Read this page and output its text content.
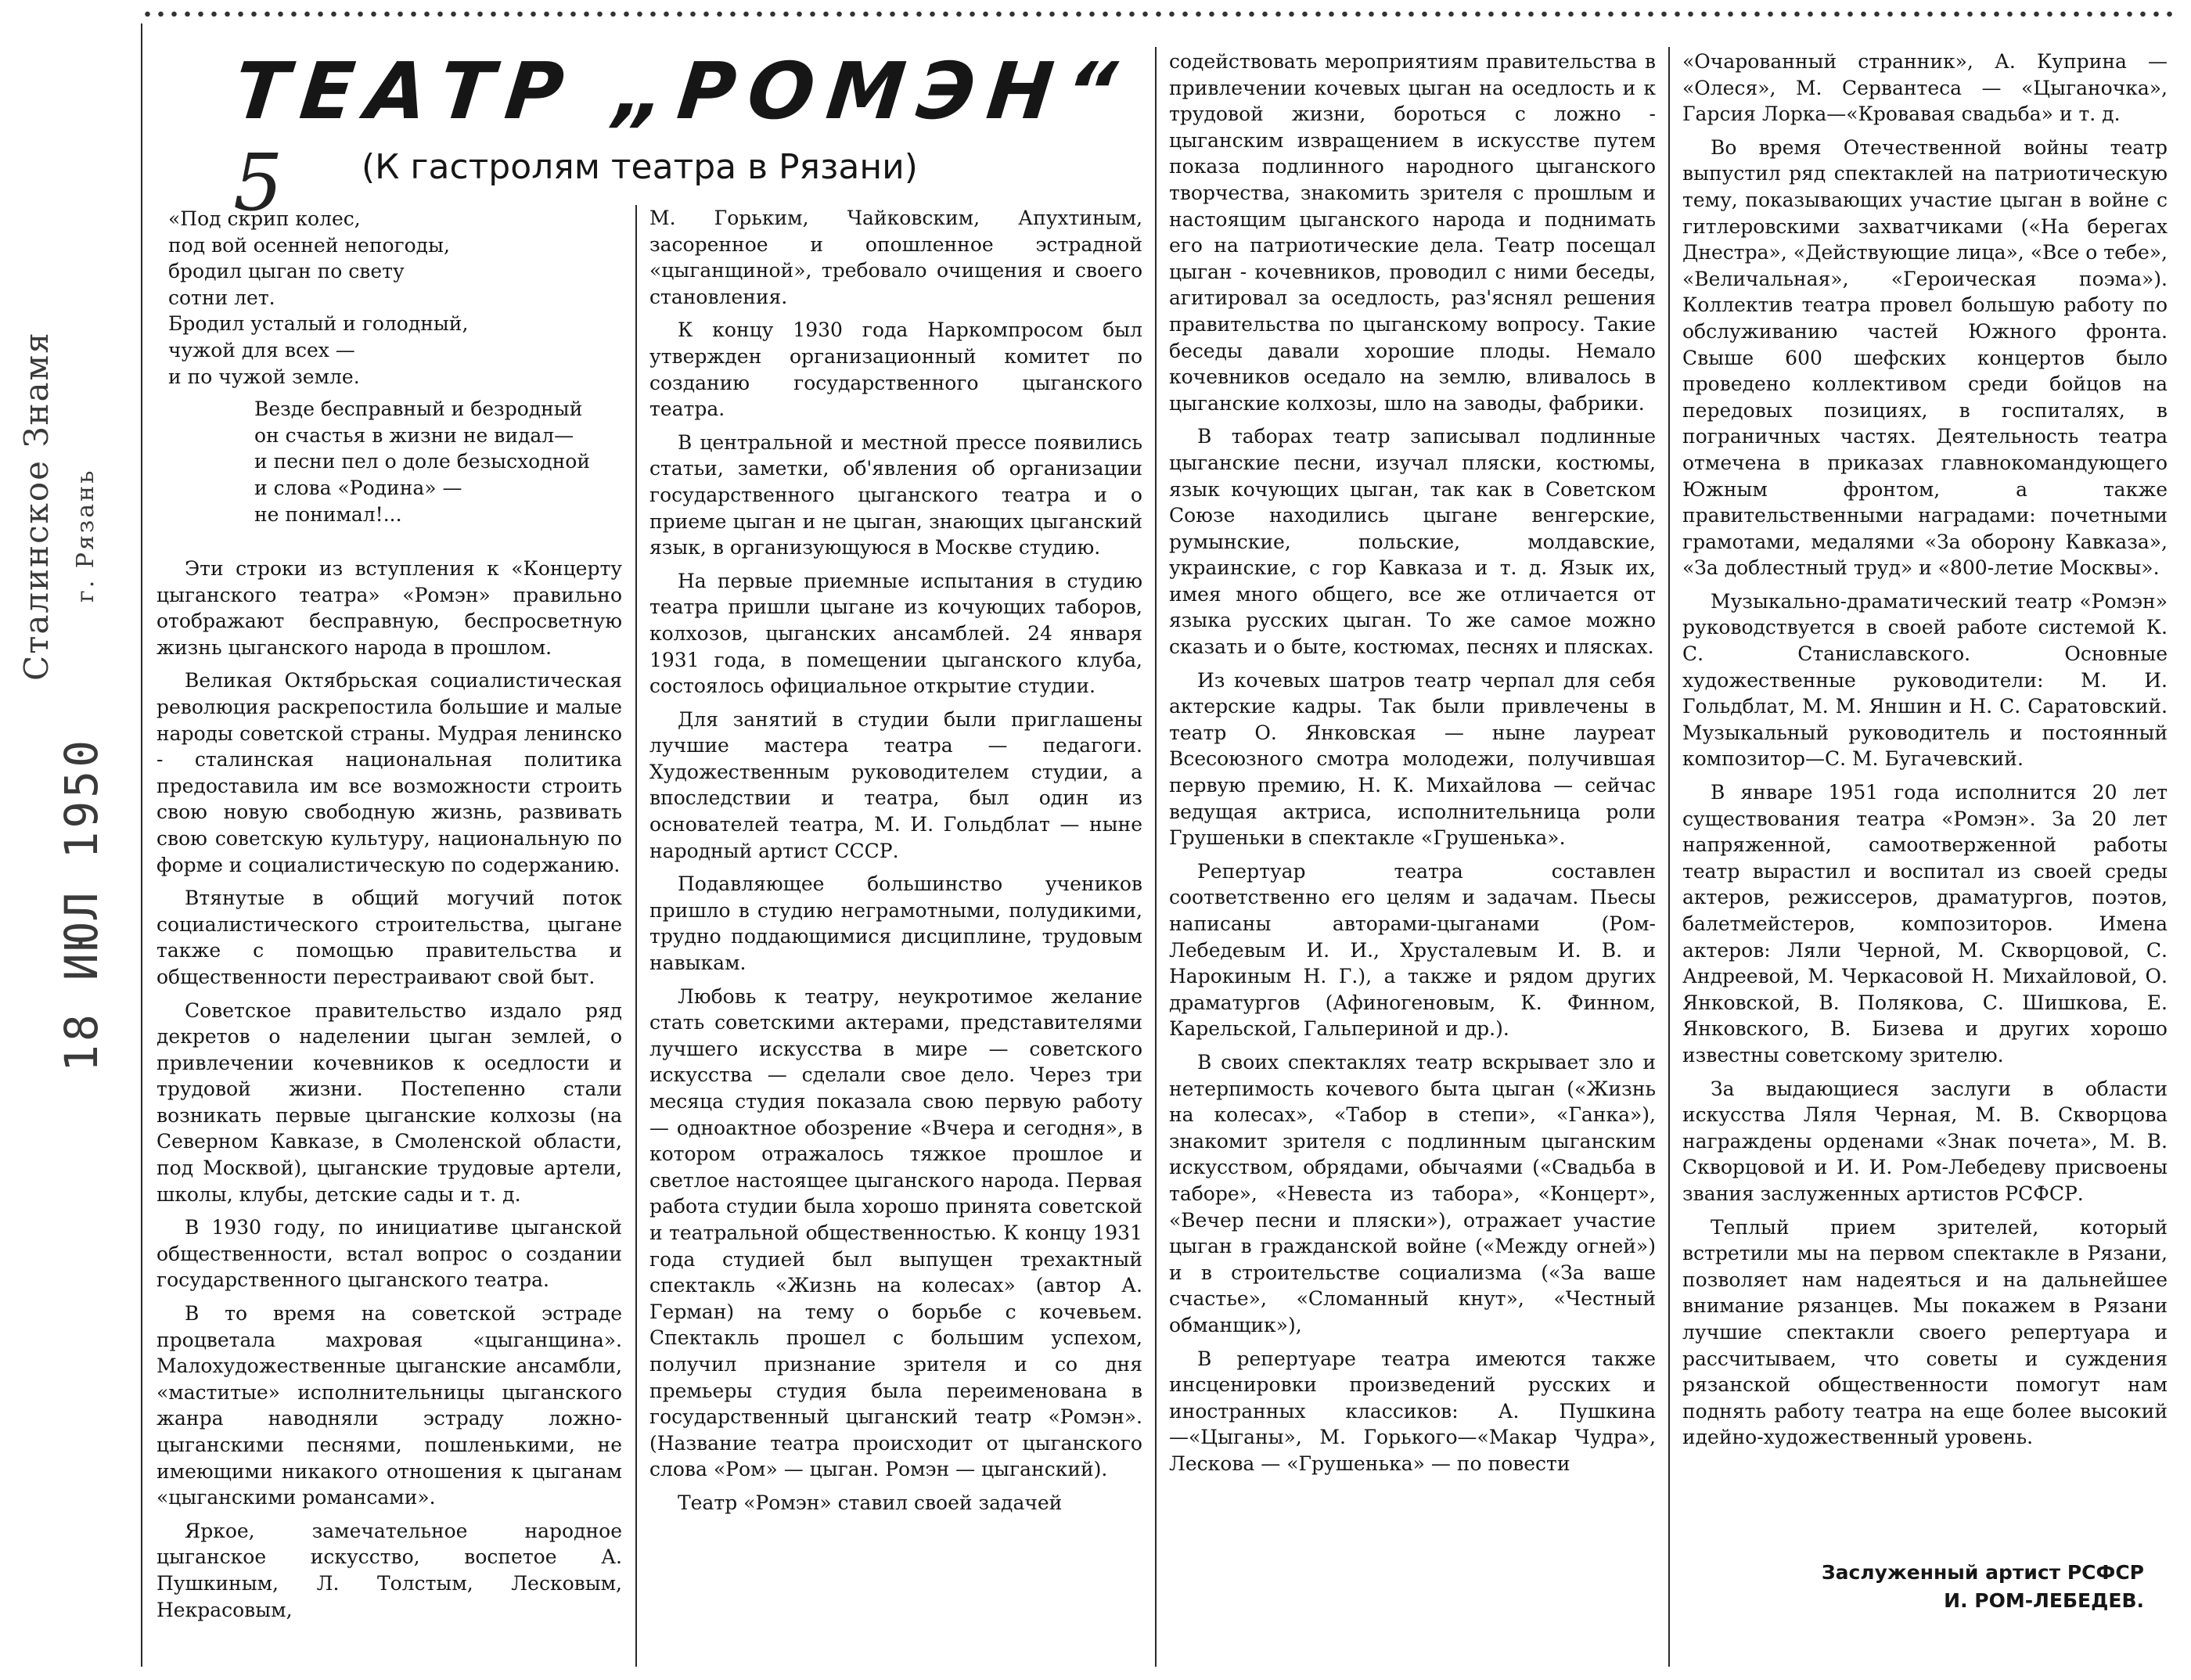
Сталинское Знамя г. Рязань
18 ИЮЛ 1950
ТЕАТР „РОМЭН“
5 (К гастролям театра в Рязани)

«Под скрип колес,
под вой осенней непогоды,
бродил цыган по свету
сотни лет.
Бродил усталый и голодный,
чужой для всех —
и по чужой земле.

Везде бесправный и безродный
он счастья в жизни не видал—
и песни пел о доле безысходной
и слова «Родина» —
не понимал!...

Эти строки из вступления к «Концерту цыганского театра» «Ромэн» правильно отображают бесправную, беспросветную жизнь цыганского народа в прошлом.

Великая Октябрьская социалистическая революция раскрепостила большие и малые народы советской страны. Мудрая ленинско - сталинская национальная политика предоставила им все возможности строить свою новую свободную жизнь, развивать свою советскую культуру, национальную по форме и социалистическую по содержанию.

Втянутые в общий могучий поток социалистического строительства, цыгане также с помощью правительства и общественности перестраивают свой быт.

Советское правительство издало ряд декретов о наделении цыган землей, о привлечении кочевников к оседлости и трудовой жизни. Постепенно стали возникать первые цыганские колхозы (на Северном Кавказе, в Смоленской области, под Москвой), цыганские трудовые артели, школы, клубы, детские сады и т. д.

В 1930 году, по инициативе цыганской общественности, встал вопрос о создании государственного цыганского театра.

В то время на советской эстраде процветала махровая «цыганщина». Малохудожественные цыганские ансамбли, «маститые» исполнительницы цыганского жанра наводняли эстраду ложно-цыганскими песнями, пошленькими, не имеющими никакого отношения к цыганам «цыганскими романсами».

Яркое, замечательное народное цыганское искусство, воспетое А. Пушкиным, Л. Толстым, Лесковым, Некрасовым,

М. Горьким, Чайковским, Апухтиным, засоренное и опошленное эстрадной «цыганщиной», требовало очищения и своего становления.

К концу 1930 года Наркомпросом был утвержден организационный комитет по созданию государственного цыганского театра.

В центральной и местной прессе появились статьи, заметки, об'явления об организации государственного цыганского театра и о приеме цыган и не цыган, знающих цыганский язык, в организующуюся в Москве студию.

На первые приемные испытания в студию театра пришли цыгане из кочующих таборов, колхозов, цыганских ансамблей. 24 января 1931 года, в помещении цыганского клуба, состоялось официальное открытие студии.

Для занятий в студии были приглашены лучшие мастера театра — педагоги. Художественным руководителем студии, а впоследствии и театра, был один из основателей театра, М. И. Гольдблат — ныне народный артист СССР.

Подавляющее большинство учеников пришло в студию неграмотными, полудикими, трудно поддающимися дисциплине, трудовым навыкам.

Любовь к театру, неукротимое желание стать советскими актерами, представителями лучшего искусства в мире — советского искусства — сделали свое дело. Через три месяца студия показала свою первую работу — одноактное обозрение «Вчера и сегодня», в котором отражалось тяжкое прошлое и светлое настоящее цыганского народа. Первая работа студии была хорошо принята советской и театральной общественностью. К концу 1931 года студией был выпущен трехактный спектакль «Жизнь на колесах» (автор А. Герман) на тему о борьбе с кочевьем. Спектакль прошел с большим успехом, получил признание зрителя и со дня премьеры студия была переименована в государственный цыганский театр «Ромэн». (Название театра происходит от цыганского слова «Ром» — цыган. Ромэн — цыганский).

Театр «Ромэн» ставил своей задачей

содействовать мероприятиям правительства в привлечении кочевых цыган на оседлость и к трудовой жизни, бороться с ложно - цыганским извращением в искусстве путем показа подлинного народного цыганского творчества, знакомить зрителя с прошлым и настоящим цыганского народа и поднимать его на патриотические дела. Театр посещал цыган - кочевников, проводил с ними беседы, агитировал за оседлость, раз'яснял решения правительства по цыганскому вопросу. Такие беседы давали хорошие плоды. Немало кочевников оседало на землю, вливалось в цыганские колхозы, шло на заводы, фабрики.

В таборах театр записывал подлинные цыганские песни, изучал пляски, костюмы, язык кочующих цыган, так как в Советском Союзе находились цыгане венгерские, румынские, польские, молдавские, украинские, с гор Кавказа и т. д. Язык их, имея много общего, все же отличается от языка русских цыган. То же самое можно сказать и о быте, костюмах, песнях и плясках.

Из кочевых шатров театр черпал для себя актерские кадры. Так были привлечены в театр О. Янковская — ныне лауреат Всесоюзного смотра молодежи, получившая первую премию, Н. К. Михайлова — сейчас ведущая актриса, исполнительница роли Грушеньки в спектакле «Грушенька».

Репертуар театра составлен соответственно его целям и задачам. Пьесы написаны авторами-цыганами (Ром-Лебедевым И. И., Хрусталевым И. В. и Нарокиным Н. Г.), а также и рядом других драматургов (Афиногеновым, К. Финном, Карельской, Гальпериной и др.).

В своих спектаклях театр вскрывает зло и нетерпимость кочевого быта цыган («Жизнь на колесах», «Табор в степи», «Ганка»), знакомит зрителя с подлинным цыганским искусством, обрядами, обычаями («Свадьба в таборе», «Невеста из табора», «Концерт», «Вечер песни и пляски»), отражает участие цыган в гражданской войне («Между огней») и в строительстве социализма («За ваше счастье», «Сломанный кнут», «Честный обманщик»),

В репертуаре театра имеются также инсценировки произведений русских и иностранных классиков: А. Пушкина—«Цыганы», М. Горького—«Макар Чудра», Лескова — «Грушенька» — по повести

«Очарованный странник», А. Куприна — «Олеся», М. Сервантеса — «Цыганочка», Гарсия Лорка—«Кровавая свадьба» и т. д.

Во время Отечественной войны театр выпустил ряд спектаклей на патриотическую тему, показывающих участие цыган в войне с гитлеровскими захватчиками («На берегах Днестра», «Действующие лица», «Все о тебе», «Величальная», «Героическая поэма»). Коллектив театра провел большую работу по обслуживанию частей Южного фронта. Свыше 600 шефских концертов было проведено коллективом среди бойцов на передовых позициях, в госпиталях, в пограничных частях. Деятельность театра отмечена в приказах главнокомандующего Южным фронтом, а также правительственными наградами: почетными грамотами, медалями «За оборону Кавказа», «За доблестный труд» и «800-летие Москвы».

Музыкально-драматический театр «Ромэн» руководствуется в своей работе системой К. С. Станиславского. Основные художественные руководители: М. И. Гольдблат, М. М. Яншин и Н. С. Саратовский. Музыкальный руководитель и постоянный композитор—С. М. Бугачевский.

В январе 1951 года исполнится 20 лет существования театра «Ромэн». За 20 лет напряженной, самоотверженной работы театр вырастил и воспитал из своей среды актеров, режиссеров, драматургов, поэтов, балетмейстеров, композиторов. Имена актеров: Ляли Черной, М. Скворцовой, С. Андреевой, М. Черкасовой Н. Михайловой, О. Янковской, В. Полякова, С. Шишкова, Е. Янковского, В. Бизева и других хорошо известны советскому зрителю.

За выдающиеся заслуги в области искусства Ляля Черная, М. В. Скворцова награждены орденами «Знак почета», М. В. Скворцовой и И. И. Ром-Лебедеву присвоены звания заслуженных артистов РСФСР.

Теплый прием зрителей, который встретили мы на первом спектакле в Рязани, позволяет нам надеяться и на дальнейшее внимание рязанцев. Мы покажем в Рязани лучшие спектакли своего репертуара и рассчитываем, что советы и суждения рязанской общественности помогут нам поднять работу театра на еще более высокий идейно-художественный уровень.

Заслуженный артист РСФСР
И. РОМ-ЛЕБЕДЕВ.
